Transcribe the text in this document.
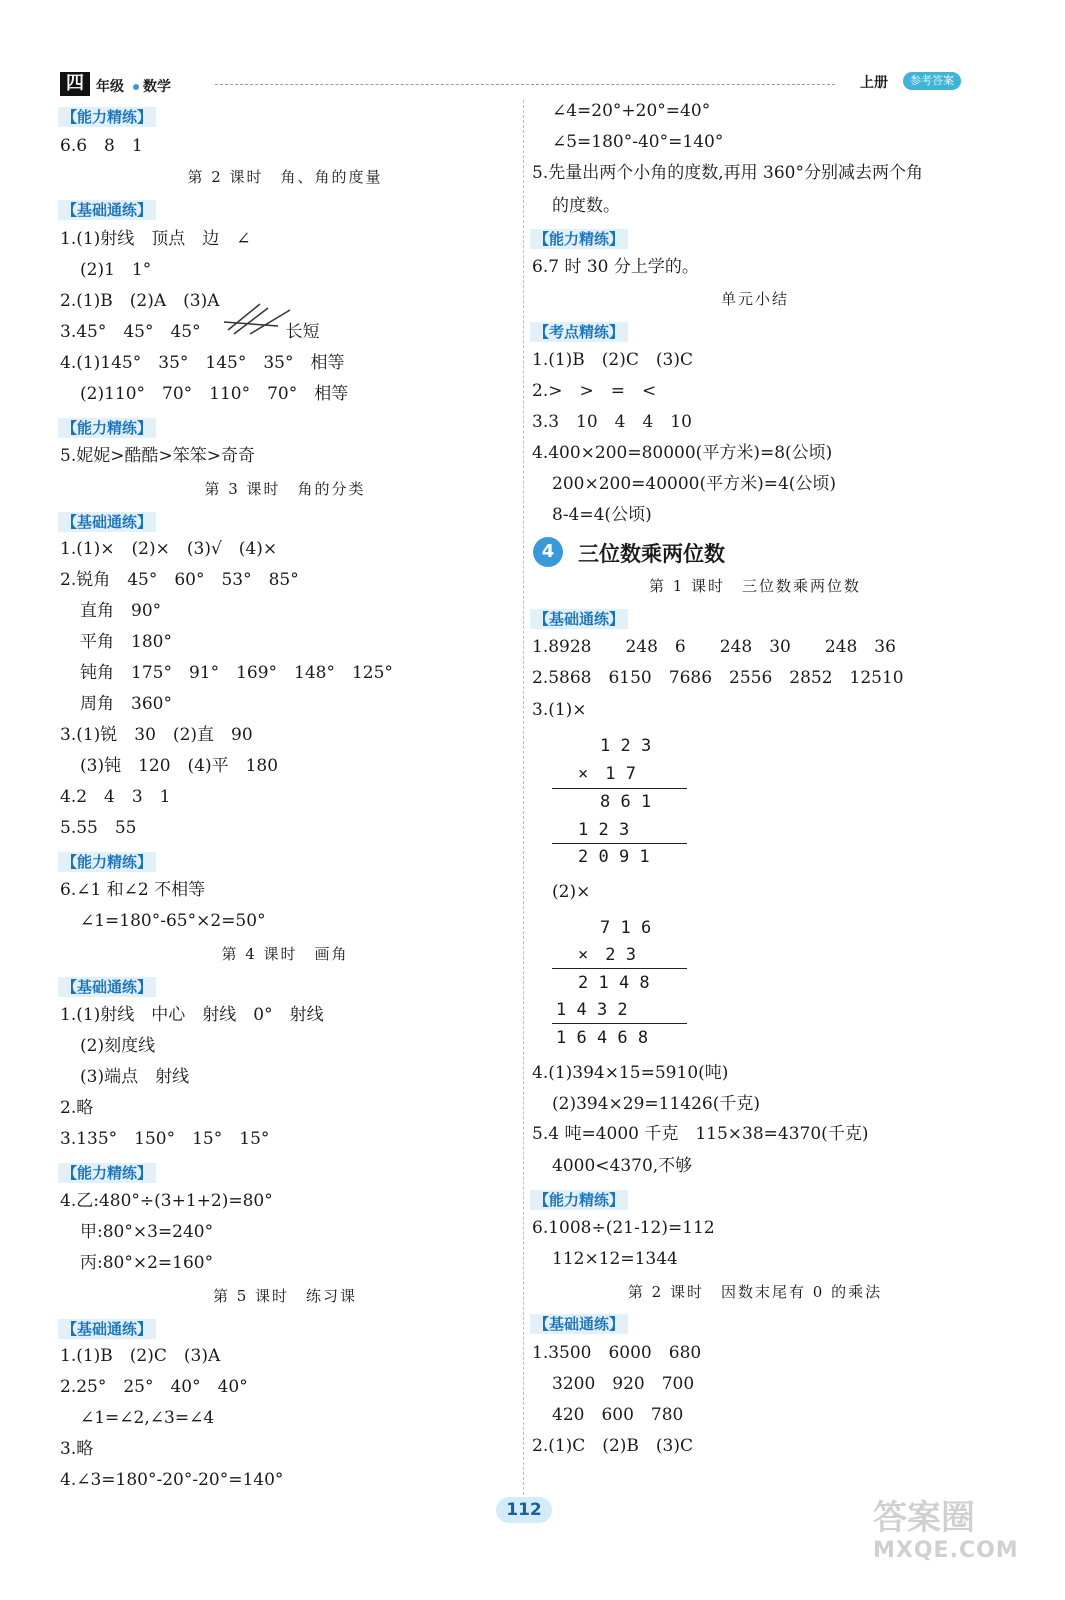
四 年级 数学	上册	参考答案
【能力精练】
6.6　8　1
第 2 课时　角、角的度量
【基础通练】
1.(1)射线　顶点　边　∠
(2)1　1°
2.(1)B　(2)A　(3)A
3.45°　45°　45°　　　　　长短
4.(1)145°　35°　145°　35°　相等
(2)110°　70°　110°　70°　相等
【能力精练】
5.妮妮>酷酷>笨笨>奇奇
第 3 课时　角的分类
【基础通练】
1.(1)×　(2)×　(3)√　(4)×
2.锐角　45°　60°　53°　85°
直角　90°
平角　180°
钝角　175°　91°　169°　148°　125°
周角　360°
3.(1)锐　30　(2)直　90
(3)钝　120　(4)平　180
4.2　4　3　1
5.55　55
【能力精练】
6.∠1 和∠2 不相等
∠1=180°-65°×2=50°
第 4 课时　画角
【基础通练】
1.(1)射线　中心　射线　0°　射线
(2)刻度线
(3)端点　射线
2.略
3.135°　150°　15°　15°
【能力精练】
4.乙:480°÷(3+1+2)=80°
甲:80°×3=240°
丙:80°×2=160°
第 5 课时　练习课
【基础通练】
1.(1)B　(2)C　(3)A
2.25°　25°　40°　40°
∠1=∠2,∠3=∠4
3.略
4.∠3=180°-20°-20°=140°
∠4=20°+20°=40°
∠5=180°-40°=140°
5.先量出两个小角的度数,再用 360°分别减去两个角
的度数。
【能力精练】
6.7 时 30 分上学的。
单元小结
【考点精练】
1.(1)B　(2)C　(3)C
2.>　>　=　<
3.3　10　4　4　10
4.400×200=80000(平方米)=8(公顷)
200×200=40000(平方米)=4(公顷)
8-4=4(公顷)
4	三位数乘两位数
第 1 课时　三位数乘两位数
【基础通练】
1.8928　　248　6　　248　30　　248　36
2.5868　6150　7686　2556　2852　12510
3.(1)×
1 2 3
×　1 7
8 6 1
1 2 3
2 0 9 1
(2)×
7 1 6
×　2 3
2 1 4 8
1 4 3 2
1 6 4 6 8
4.(1)394×15=5910(吨)
(2)394×29=11426(千克)
5.4 吨=4000 千克　115×38=4370(千克)
4000<4370,不够
【能力精练】
6.1008÷(21-12)=112
112×12=1344
第 2 课时　因数末尾有 0 的乘法
【基础通练】
1.3500　6000　680
3200　920　700
420　600　780
2.(1)C　(2)B　(3)C
112	答案圈
MXQE.COM
